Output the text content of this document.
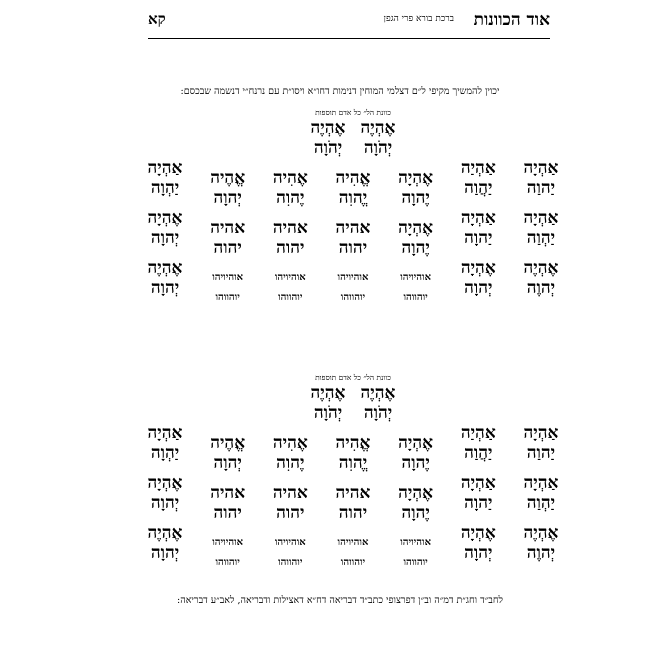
אוד הכוונות
ברכת בורא פרי הגפן
קא
יכוין להמשיך מקיפי ל״ם דצלמי המוחין דנימות דחו״א ויסו״ת עם נרנח״י דנשמה שבכסם:
כוונת הל״ כל אדם תוספות
אֶהְיֶה
יְהֹוָה
אֶהְיֶה
יְהֹוָה
אַהְיָה
יַהוַה
אַהְיָה
יַהְוַה
אֶהְיֶה
יְהוֶה
אַהְיַה
יַהֲוַה
אַהְיָה
יַהוָה
אֶהְיָה
יְהוָה
אֶהְיָה
יֶהוָה
אֶהְיָה
יֶהוָה
אוהיויהו
יוהווהו
אֱהִיה
יֱהוִה
אהיה
יהוה
אוהיויהו
יוהווהו
אֶהִיה
יֶהוִה
אהיה
יהוה
אוהיויהו
יוהווהו
אֱהֶיה
יְהוָה
אהיה
יהוה
אוהיויהו
יוהווהו
אַהְיָה
יַהְוָה
אֶהְיָה
יְהוָה
אֶהְיֶה
יְהוָה
כוונת הל״ כל אדם תוספות
אֶהְיֶה
יְהֹוָה
אֶהְיֶה
יְהֹוָה
אַהְיָה
יַהוַה
אַהְיָה
יַהְוַה
אֶהְיֶה
יְהוֶה
אַהְיַה
יַהֲוַה
אַהְיָה
יַהוָה
אֶהְיָה
יְהוָה
אֶהְיָה
יֶהוָה
אֶהְיָה
יֶהוָה
אוהיויהו
יוהווהו
אֱהִיה
יֱהוִה
אהיה
יהוה
אוהיויהו
יוהווהו
אֶהִיה
יֶהוִה
אהיה
יהוה
אוהיויהו
יוהווהו
אֱהֶיה
יְהוָה
אהיה
יהוה
אוהיויהו
יוהווהו
אַהְיָה
יַהְוָה
אֶהְיָה
יְהוָה
אֶהְיֶה
יְהוָה
לחב״ד וחג״ת דמ״ה וב״ן דפרצופי כתב״ד דבריאה דח״א דאצילות ודבריאה, לאב״ע דבריאה:
